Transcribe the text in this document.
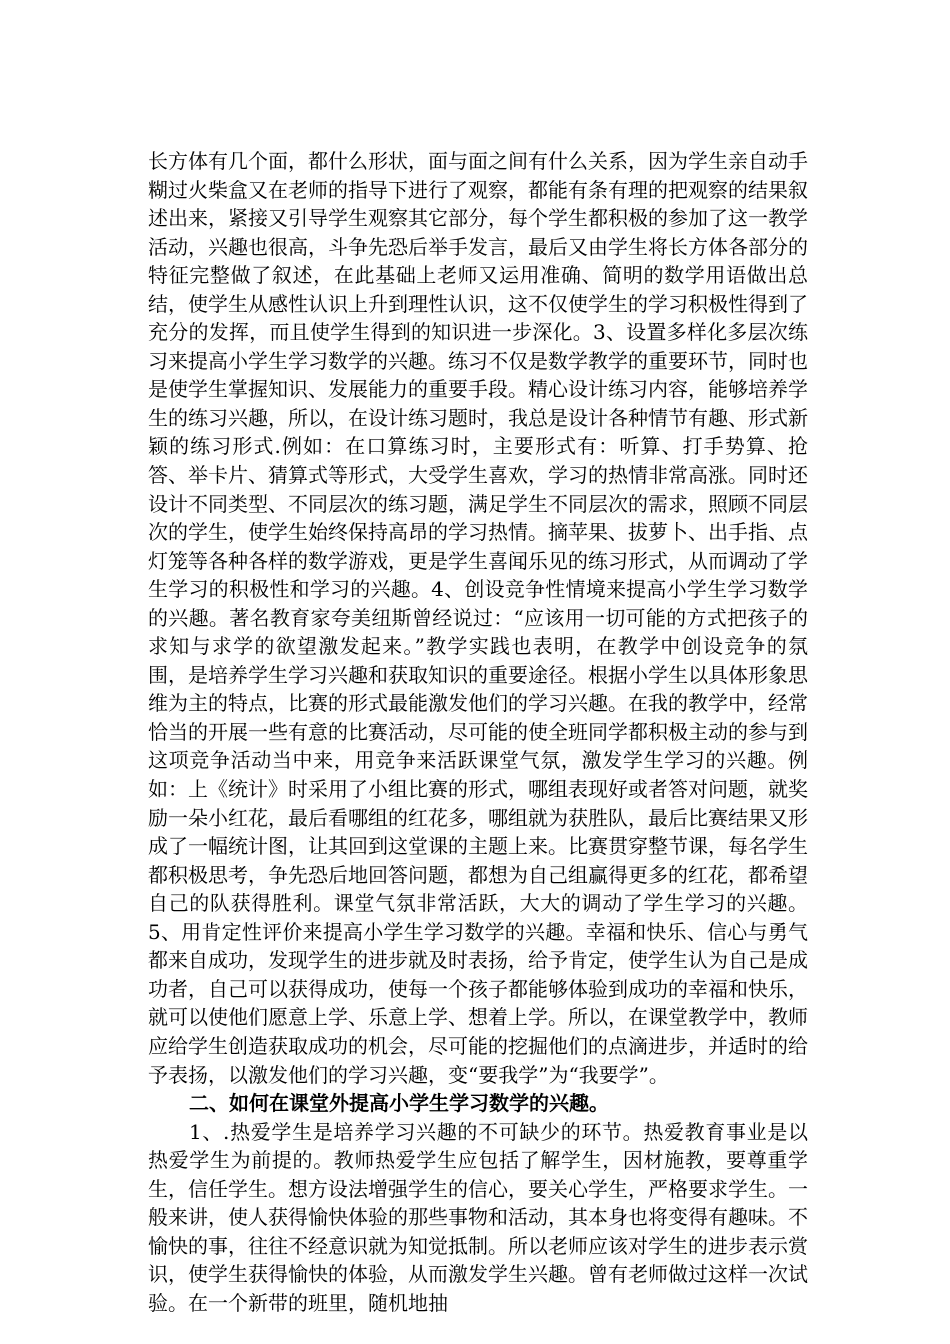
长方体有几个面，都什么形状，面与面之间有什么关系，因为学生亲自动手糊过火柴盒又在老师的指导下进行了观察，都能有条有理的把观察的结果叙述出来，紧接又引导学生观察其它部分，每个学生都积极的参加了这一教学活动，兴趣也很高，斗争先恐后举手发言，最后又由学生将长方体各部分的特征完整做了叙述，在此基础上老师又运用准确、简明的数学用语做出总结，使学生从感性认识上升到理性认识，这不仅使学生的学习积极性得到了充分的发挥，而且使学生得到的知识进一步深化。3、设置多样化多层次练习来提高小学生学习数学的兴趣。练习不仅是数学教学的重要环节，同时也是使学生掌握知识、发展能力的重要手段。精心设计练习内容，能够培养学生的练习兴趣，所以，在设计练习题时，我总是设计各种情节有趣、形式新颖的练习形式.例如：在口算练习时，主要形式有：听算、打手势算、抢答、举卡片、猜算式等形式，大受学生喜欢，学习的热情非常高涨。同时还设计不同类型、不同层次的练习题，满足学生不同层次的需求，照顾不同层次的学生，使学生始终保持高昂的学习热情。摘苹果、拔萝卜、出手指、点灯笼等各种各样的数学游戏，更是学生喜闻乐见的练习形式，从而调动了学生学习的积极性和学习的兴趣。4、创设竞争性情境来提高小学生学习数学的兴趣。著名教育家夸美纽斯曾经说过：“应该用一切可能的方式把孩子的求知与求学的欲望激发起来。”教学实践也表明，在教学中创设竞争的氛围，是培养学生学习兴趣和获取知识的重要途径。根据小学生以具体形象思维为主的特点，比赛的形式最能激发他们的学习兴趣。在我的教学中，经常恰当的开展一些有意的比赛活动，尽可能的使全班同学都积极主动的参与到这项竞争活动当中来，用竞争来活跃课堂气氛，激发学生学习的兴趣。例如：上《统计》时采用了小组比赛的形式，哪组表现好或者答对问题，就奖励一朵小红花，最后看哪组的红花多，哪组就为获胜队，最后比赛结果又形成了一幅统计图，让其回到这堂课的主题上来。比赛贯穿整节课，每名学生都积极思考，争先恐后地回答问题，都想为自己组赢得更多的红花，都希望自己的队获得胜利。课堂气氛非常活跃，大大的调动了学生学习的兴趣。5、用肯定性评价来提高小学生学习数学的兴趣。幸福和快乐、信心与勇气都来自成功，发现学生的进步就及时表扬，给予肯定，使学生认为自己是成功者，自己可以获得成功，使每一个孩子都能够体验到成功的幸福和快乐，就可以使他们愿意上学、乐意上学、想着上学。所以，在课堂教学中，教师应给学生创造获取成功的机会，尽可能的挖掘他们的点滴进步，并适时的给予表扬，以激发他们的学习兴趣，变“要我学”为“我要学”。

二、如何在课堂外提高小学生学习数学的兴趣。

1、.热爱学生是培养学习兴趣的不可缺少的环节。热爱教育事业是以热爱学生为前提的。教师热爱学生应包括了解学生，因材施教，要尊重学生，信任学生。想方设法增强学生的信心，要关心学生，严格要求学生。一般来讲，使人获得愉快体验的那些事物和活动，其本身也将变得有趣味。不愉快的事，往往不经意识就为知觉抵制。所以老师应该对学生的进步表示赏识，使学生获得愉快的体验，从而激发学生兴趣。曾有老师做过这样一次试验。在一个新带的班里，随机地抽
